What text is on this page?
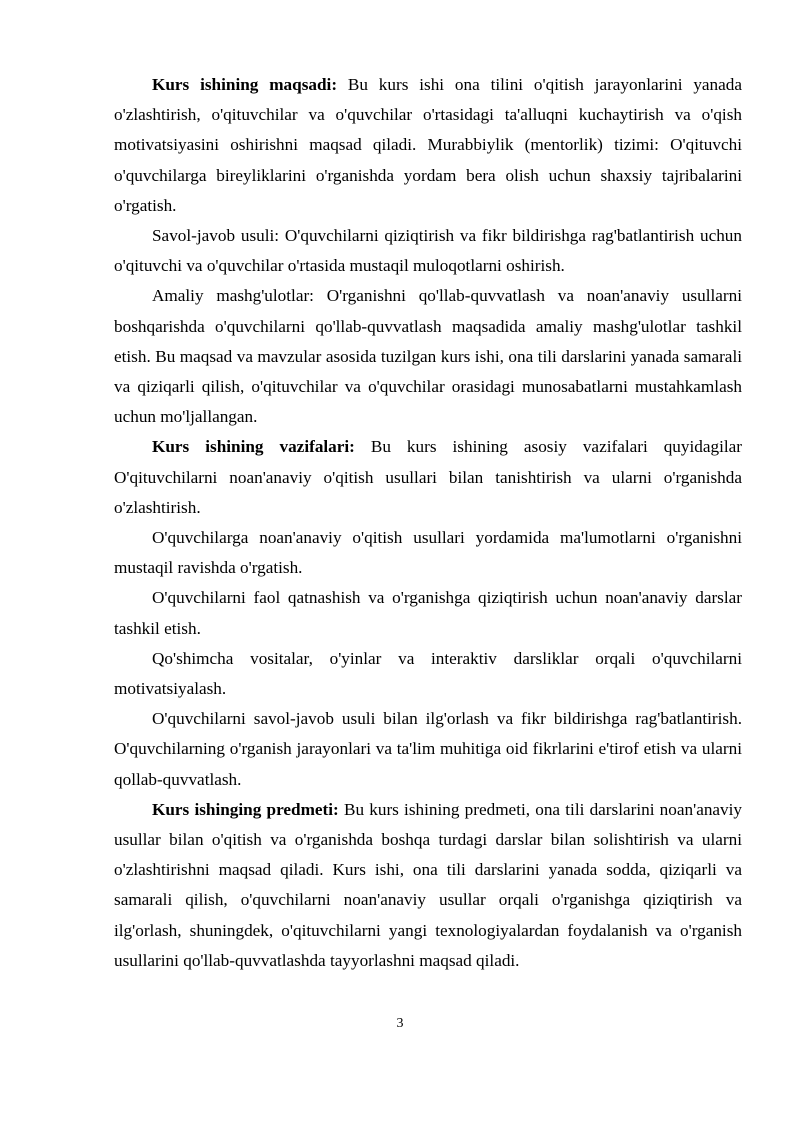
Kurs ishining maqsadi: Bu kurs ishi ona tilini o'qitish jarayonlarini yanada o'zlashtirish, o'qituvchilar va o'quvchilar o'rtasidagi ta'alluqni kuchaytirish va o'qish motivatsiyasini oshirishni maqsad qiladi. Murabbiylik (mentorlik) tizimi: O'qituvchi o'quvchilarga bireyliklarini o'rganishda yordam bera olish uchun shaxsiy tajribalarini o'rgatish.

Savol-javob usuli: O'quvchilarni qiziqtirish va fikr bildirishga rag'batlantirish uchun o'qituvchi va o'quvchilar o'rtasida mustaqil muloqotlarni oshirish.

Amaliy mashg'ulotlar: O'rganishni qo'llab-quvvatlash va noan'anaviy usullarni boshqarishda o'quvchilarni qo'llab-quvvatlash maqsadida amaliy mashg'ulotlar tashkil etish. Bu maqsad va mavzular asosida tuzilgan kurs ishi, ona tili darslarini yanada samarali va qiziqarli qilish, o'qituvchilar va o'quvchilar orasidagi munosabatlarni mustahkamlash uchun mo'ljallangan.

Kurs ishining vazifalari: Bu kurs ishining asosiy vazifalari quyidagilar O'qituvchilarni noan'anaviy o'qitish usullari bilan tanishtirish va ularni o'rganishda o'zlashtirish.

O'quvchilarga noan'anaviy o'qitish usullari yordamida ma'lumotlarni o'rganishni mustaqil ravishda o'rgatish.

O'quvchilarni faol qatnashish va o'rganishga qiziqtirish uchun noan'anaviy darslar tashkil etish.

Qo'shimcha vositalar, o'yinlar va interaktiv darsliklar orqali o'quvchilarni motivatsiyalash.

O'quvchilarni savol-javob usuli bilan ilg'orlash va fikr bildirishga rag'batlantirish. O'quvchilarning o'rganish jarayonlari va ta'lim muhitiga oid fikrlarini e'tirof etish va ularni qollab-quvvatlash.

Kurs ishinging predmeti: Bu kurs ishining predmeti, ona tili darslarini noan'anaviy usullar bilan o'qitish va o'rganishda boshqa turdagi darslar bilan solishtirish va ularni o'zlashtirishni maqsad qiladi. Kurs ishi, ona tili darslarini yanada sodda, qiziqarli va samarali qilish, o'quvchilarni noan'anaviy usullar orqali o'rganishga qiziqtirish va ilg'orlash, shuningdek, o'qituvchilarni yangi texnologiyalardan foydalanish va o'rganish usullarini qo'llab-quvvatlashda tayyorlashni maqsad qiladi.

3
